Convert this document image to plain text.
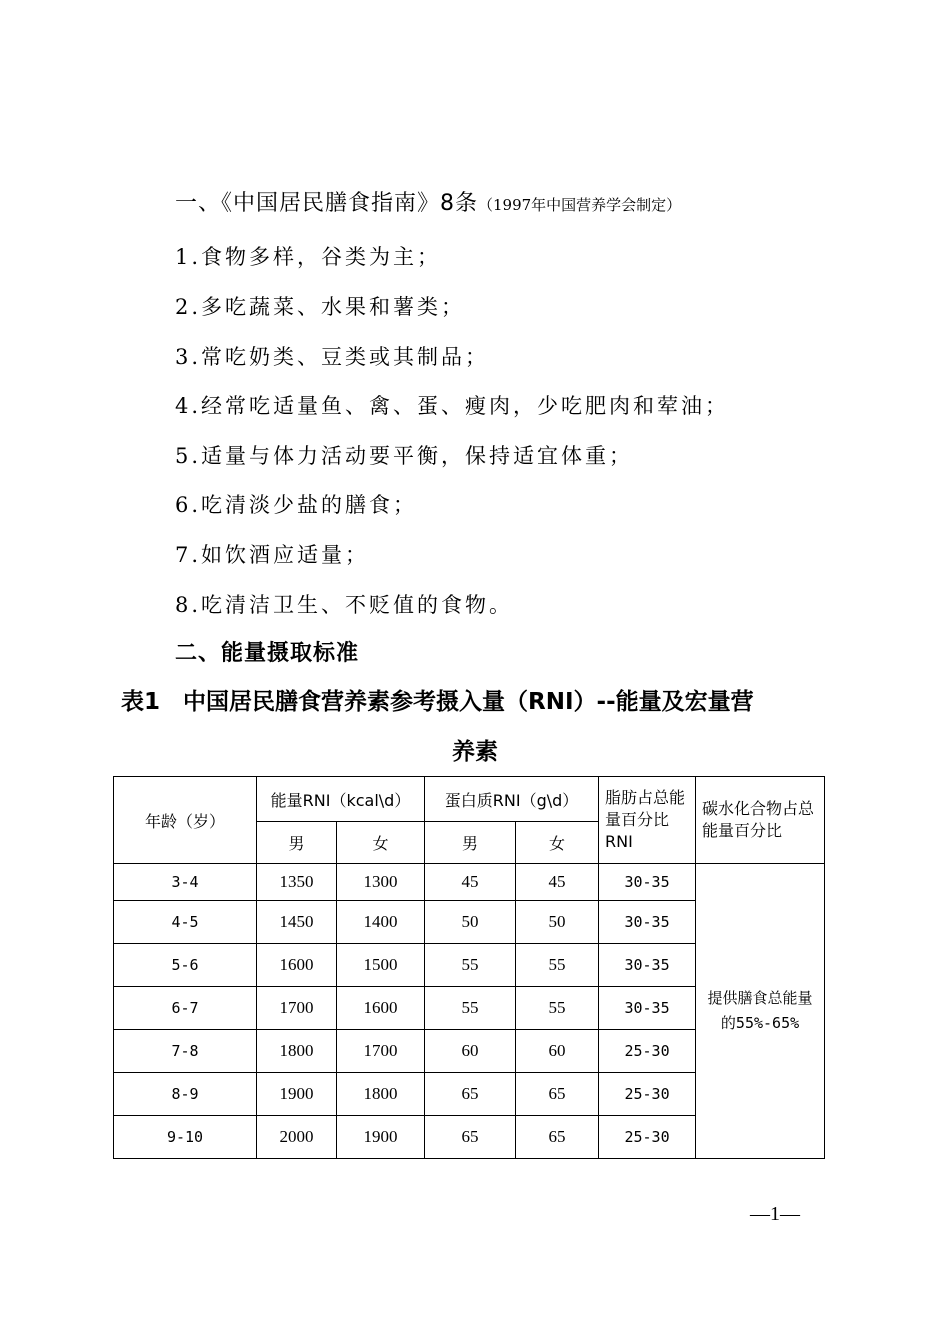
一、《中国居民膳食指南》8条（1997年中国营养学会制定）
1.食物多样，谷类为主；
2.多吃蔬菜、水果和薯类；
3.常吃奶类、豆类或其制品；
4.经常吃适量鱼、禽、蛋、瘦肉，少吃肥肉和荤油；
5.适量与体力活动要平衡，保持适宜体重；
6.吃清淡少盐的膳食；
7.如饮酒应适量；
8.吃清洁卫生、不贬值的食物。
二、能量摄取标准
表1　中国居民膳食营养素参考摄入量（RNI）--能量及宏量营
养素
年龄（岁）	能量RNI（kcal\d）		蛋白质RNI（g\d）		脂肪占总能量百分比 RNI	碳水化合物占总能量百分比
	男	女	男	女		
3-4	1350	1300	45	45	30-35	提供膳食总能量的55%-65%
4-5	1450	1400	50	50	30-35	
5-6	1600	1500	55	55	30-35	
6-7	1700	1600	55	55	30-35	
7-8	1800	1700	60	60	25-30	
8-9	1900	1800	65	65	25-30	
9-10	2000	1900	65	65	25-30	
—1—
